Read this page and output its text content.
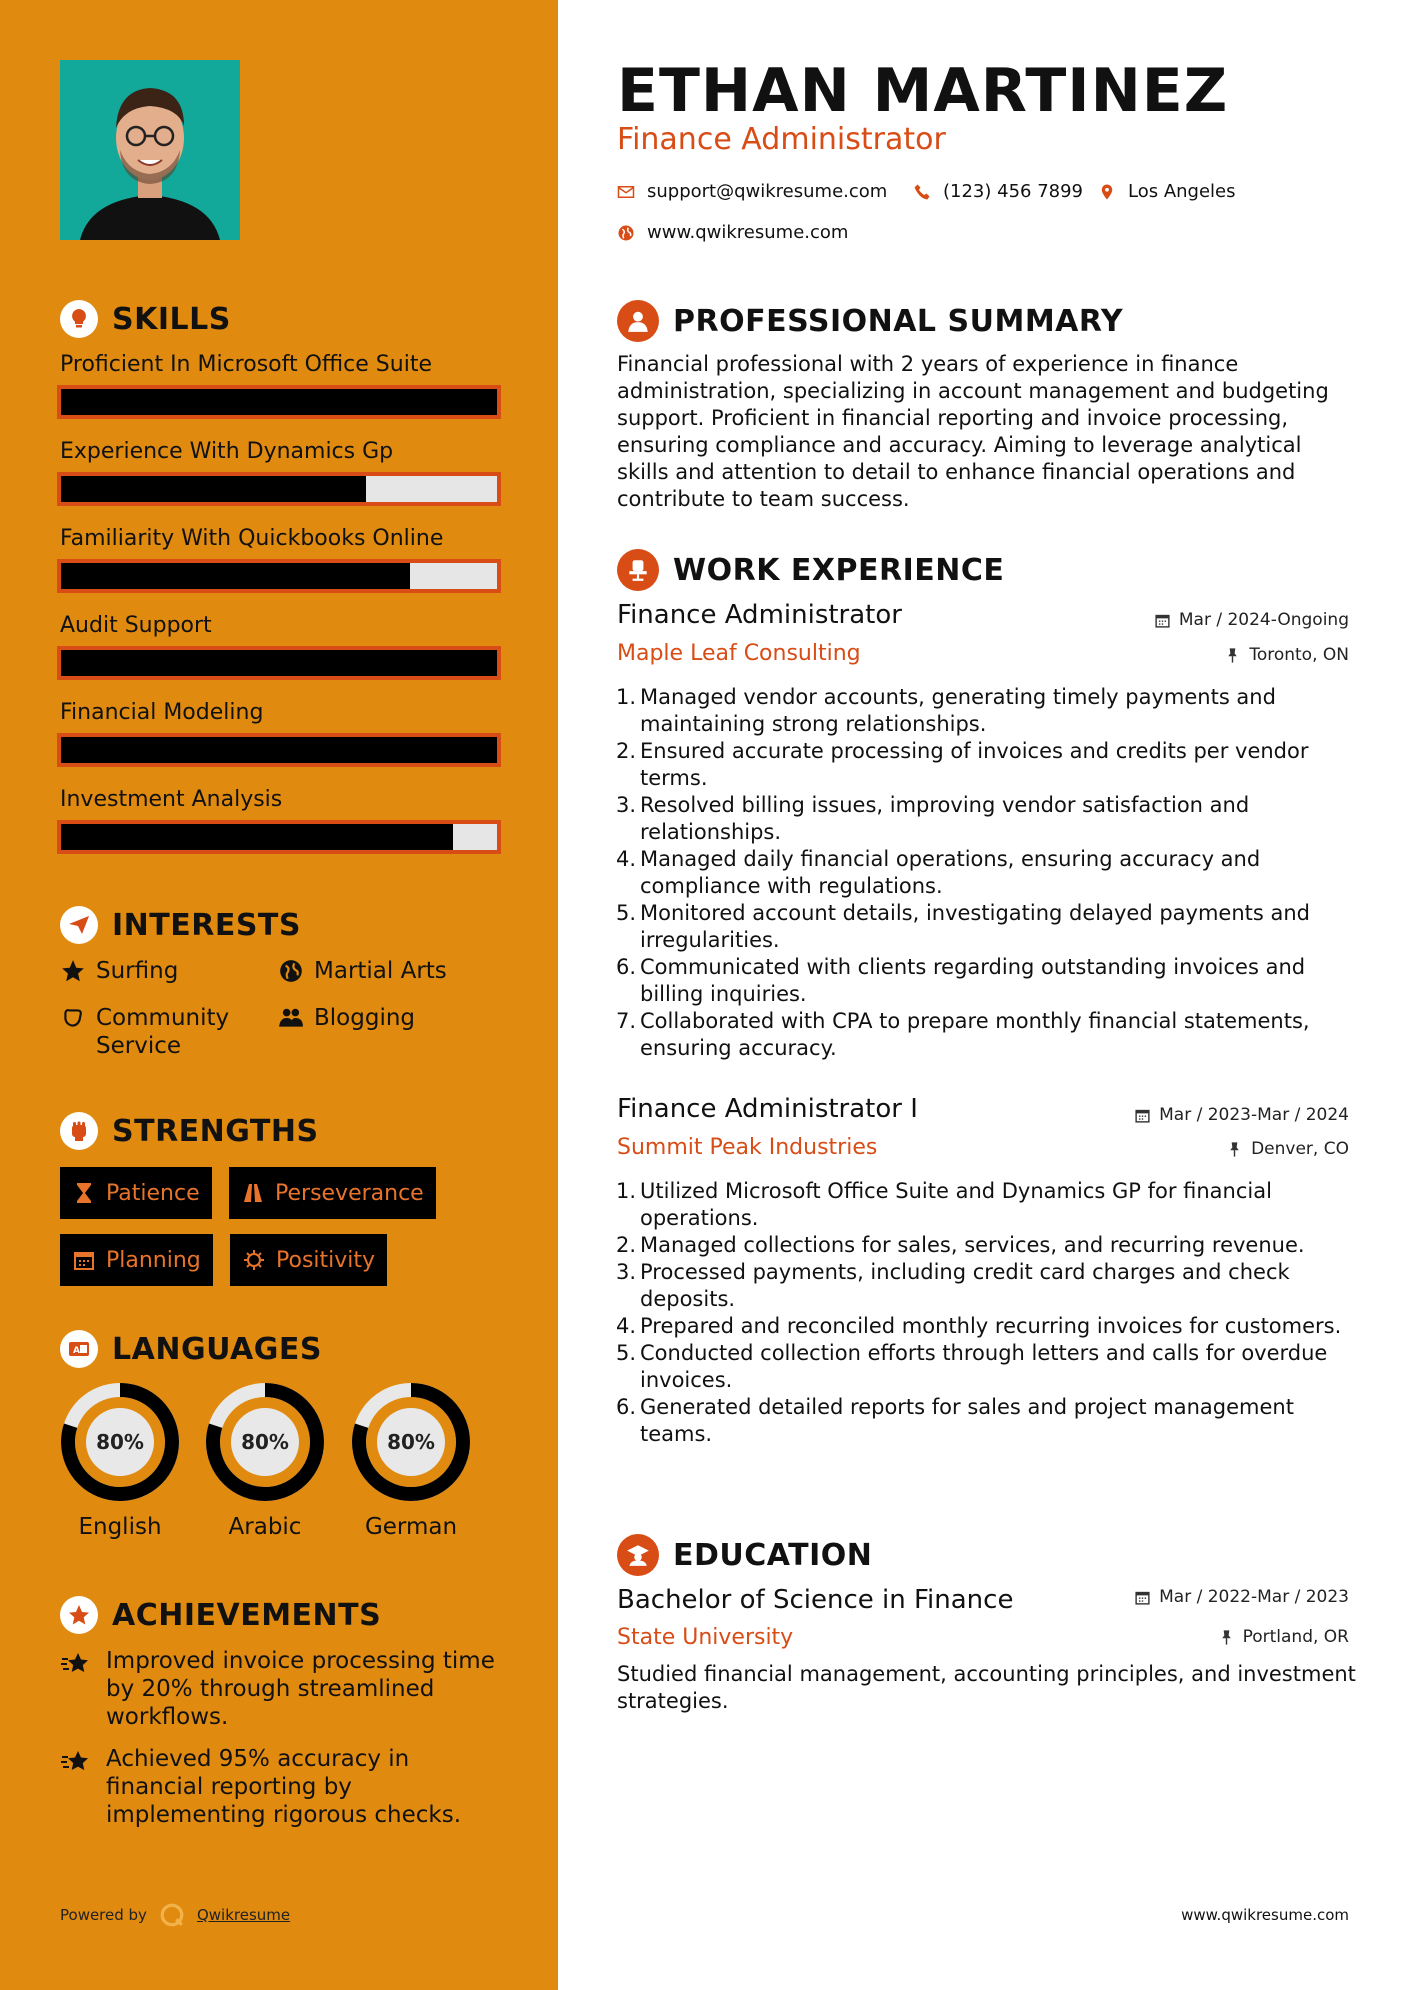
SKILLS
Proficient In Microsoft Office Suite
Experience With Dynamics Gp
Familiarity With Quickbooks Online
Audit Support
Financial Modeling
Investment Analysis
INTERESTS
Surfing	Martial Arts
Community Service
Blogging
STRENGTHS
Patience	Perseverance
Planning	Positivity
A LANGUAGES
80%
English
80%
Arabic
80%
German
ACHIEVEMENTS
Improved invoice processing time by 20% through streamlined workflows.
Achieved 95% accuracy in financial reporting by implementing rigorous checks.
Powered by	Qwikresume
ETHAN MARTINEZ
Finance Administrator
support@qwikresume.com	(123) 456 7899 Los Angeles
www.qwikresume.com
PROFESSIONAL SUMMARY
Financial professional with 2 years of experience in finance administration, specializing in account management and budgeting support. Proficient in financial reporting and invoice processing, ensuring compliance and accuracy. Aiming to leverage analytical skills and attention to detail to enhance financial operations and contribute to team success.
WORK EXPERIENCE
Finance Administrator	Mar / 2024-Ongoing
Maple Leaf Consulting	Toronto, ON
1. Managed vendor accounts, generating timely payments and maintaining strong relationships.
2. Ensured accurate processing of invoices and credits per vendor terms.
3. Resolved billing issues, improving vendor satisfaction and relationships.
4. Managed daily financial operations, ensuring accuracy and compliance with regulations.
5. Monitored account details, investigating delayed payments and irregularities.
6. Communicated with clients regarding outstanding invoices and billing inquiries.
7. Collaborated with CPA to prepare monthly financial statements, ensuring accuracy.
Finance Administrator I	Mar / 2023-Mar / 2024
Summit Peak Industries	Denver, CO
1. Utilized Microsoft Office Suite and Dynamics GP for financial operations.
2. Managed collections for sales, services, and recurring revenue.
3. Processed payments, including credit card charges and check deposits.
4. Prepared and reconciled monthly recurring invoices for customers.
5. Conducted collection efforts through letters and calls for overdue invoices.
6. Generated detailed reports for sales and project management teams.
EDUCATION
Bachelor of Science in Finance	Mar / 2022-Mar / 2023
State University	Portland, OR
Studied financial management, accounting principles, and investment strategies.
www.qwikresume.com
